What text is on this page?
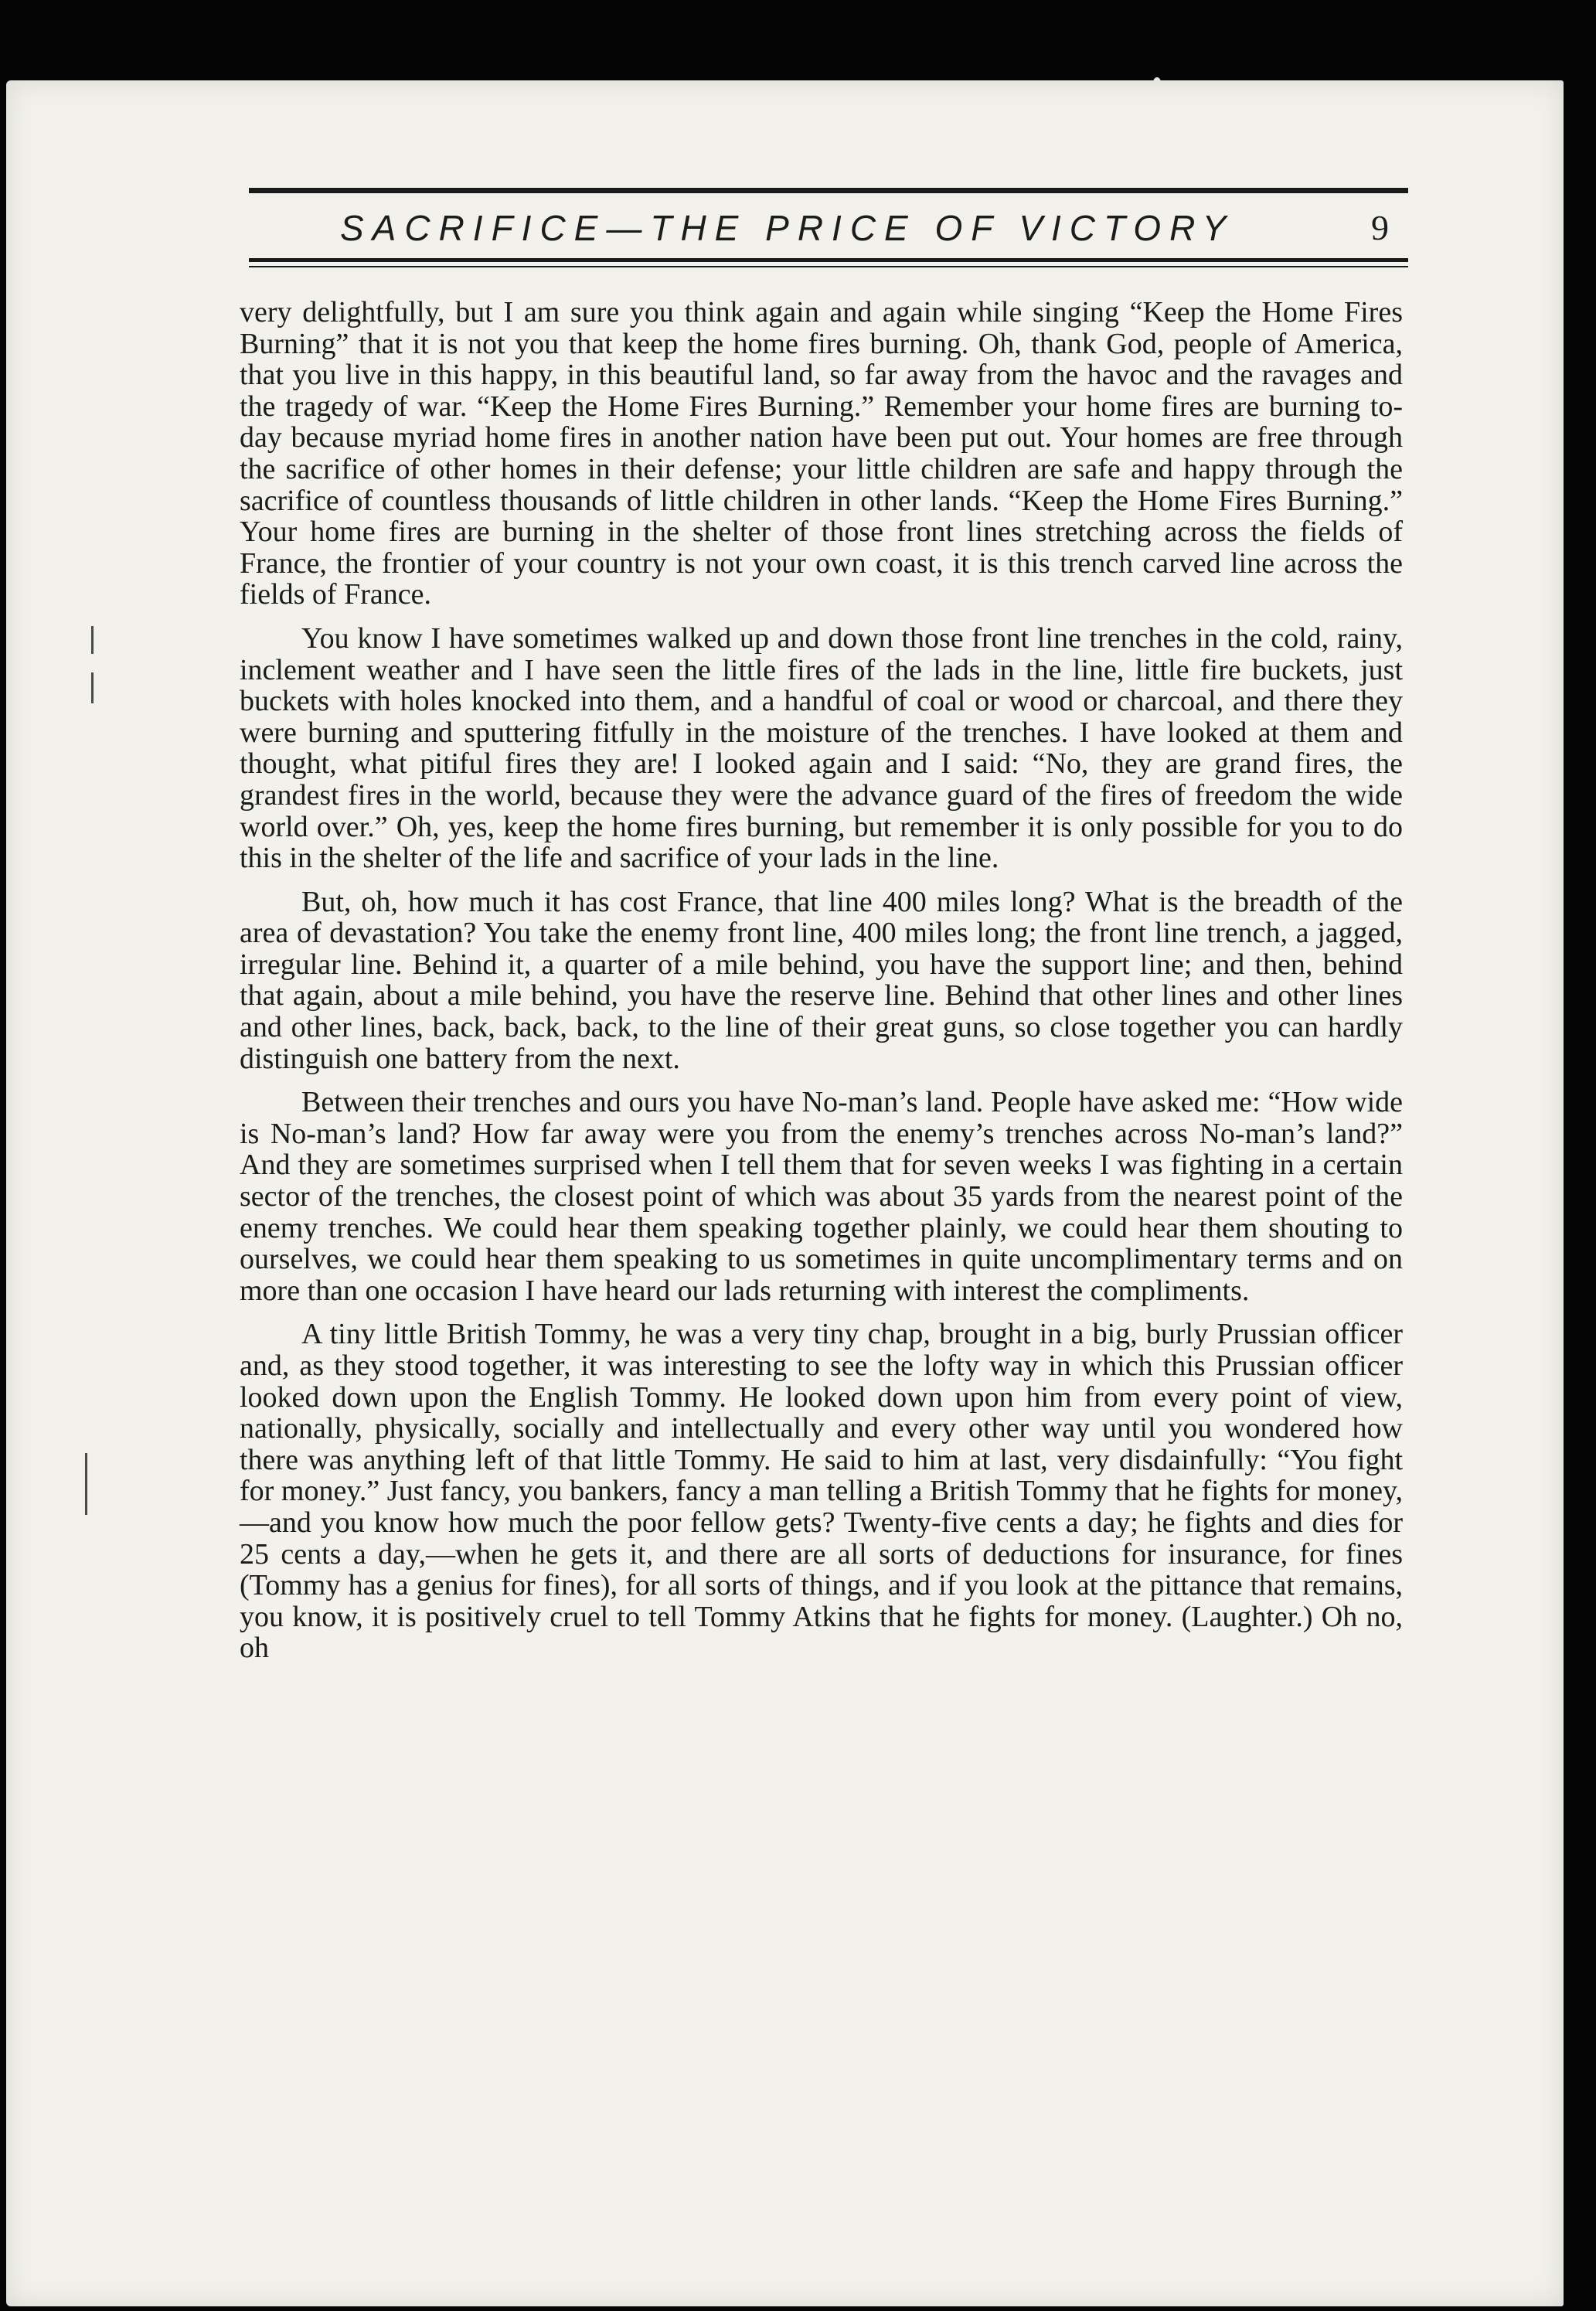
SACRIFICE—THE PRICE OF VICTORY	9

very delightfully, but I am sure you think again and again while singing “Keep the Home Fires Burning” that it is not you that keep the home fires burning. Oh, thank God, people of America, that you live in this happy, in this beautiful land, so far away from the havoc and the ravages and the tragedy of war. “Keep the Home Fires Burning.” Remember your home fires are burning to-day because myriad home fires in another nation have been put out. Your homes are free through the sacrifice of other homes in their defense; your little children are safe and happy through the sacrifice of countless thousands of little children in other lands. “Keep the Home Fires Burning.” Your home fires are burning in the shelter of those front lines stretching across the fields of France, the frontier of your country is not your own coast, it is this trench carved line across the fields of France.

You know I have sometimes walked up and down those front line trenches in the cold, rainy, inclement weather and I have seen the little fires of the lads in the line, little fire buckets, just buckets with holes knocked into them, and a handful of coal or wood or charcoal, and there they were burning and sputtering fitfully in the moisture of the trenches. I have looked at them and thought, what pitiful fires they are! I looked again and I said: “No, they are grand fires, the grandest fires in the world, because they were the advance guard of the fires of freedom the wide world over.” Oh, yes, keep the home fires burning, but remember it is only possible for you to do this in the shelter of the life and sacrifice of your lads in the line.

But, oh, how much it has cost France, that line 400 miles long? What is the breadth of the area of devastation? You take the enemy front line, 400 miles long; the front line trench, a jagged, irregular line. Behind it, a quarter of a mile behind, you have the support line; and then, behind that again, about a mile behind, you have the reserve line. Behind that other lines and other lines and other lines, back, back, back, to the line of their great guns, so close together you can hardly distinguish one battery from the next.

Between their trenches and ours you have No-man’s land. People have asked me: “How wide is No-man’s land? How far away were you from the enemy’s trenches across No-man’s land?” And they are sometimes surprised when I tell them that for seven weeks I was fighting in a certain sector of the trenches, the closest point of which was about 35 yards from the nearest point of the enemy trenches. We could hear them speaking together plainly, we could hear them shouting to ourselves, we could hear them speaking to us sometimes in quite uncomplimentary terms and on more than one occasion I have heard our lads returning with interest the compliments.

A tiny little British Tommy, he was a very tiny chap, brought in a big, burly Prussian officer and, as they stood together, it was interesting to see the lofty way in which this Prussian officer looked down upon the English Tommy. He looked down upon him from every point of view, nationally, physically, socially and intellectually and every other way until you wondered how there was anything left of that little Tommy. He said to him at last, very disdainfully: “You fight for money.” Just fancy, you bankers, fancy a man telling a British Tommy that he fights for money,—and you know how much the poor fellow gets? Twenty-five cents a day; he fights and dies for 25 cents a day,—when he gets it, and there are all sorts of deductions for insurance, for fines (Tommy has a genius for fines), for all sorts of things, and if you look at the pittance that remains, you know, it is positively cruel to tell Tommy Atkins that he fights for money. (Laughter.) Oh no, oh
